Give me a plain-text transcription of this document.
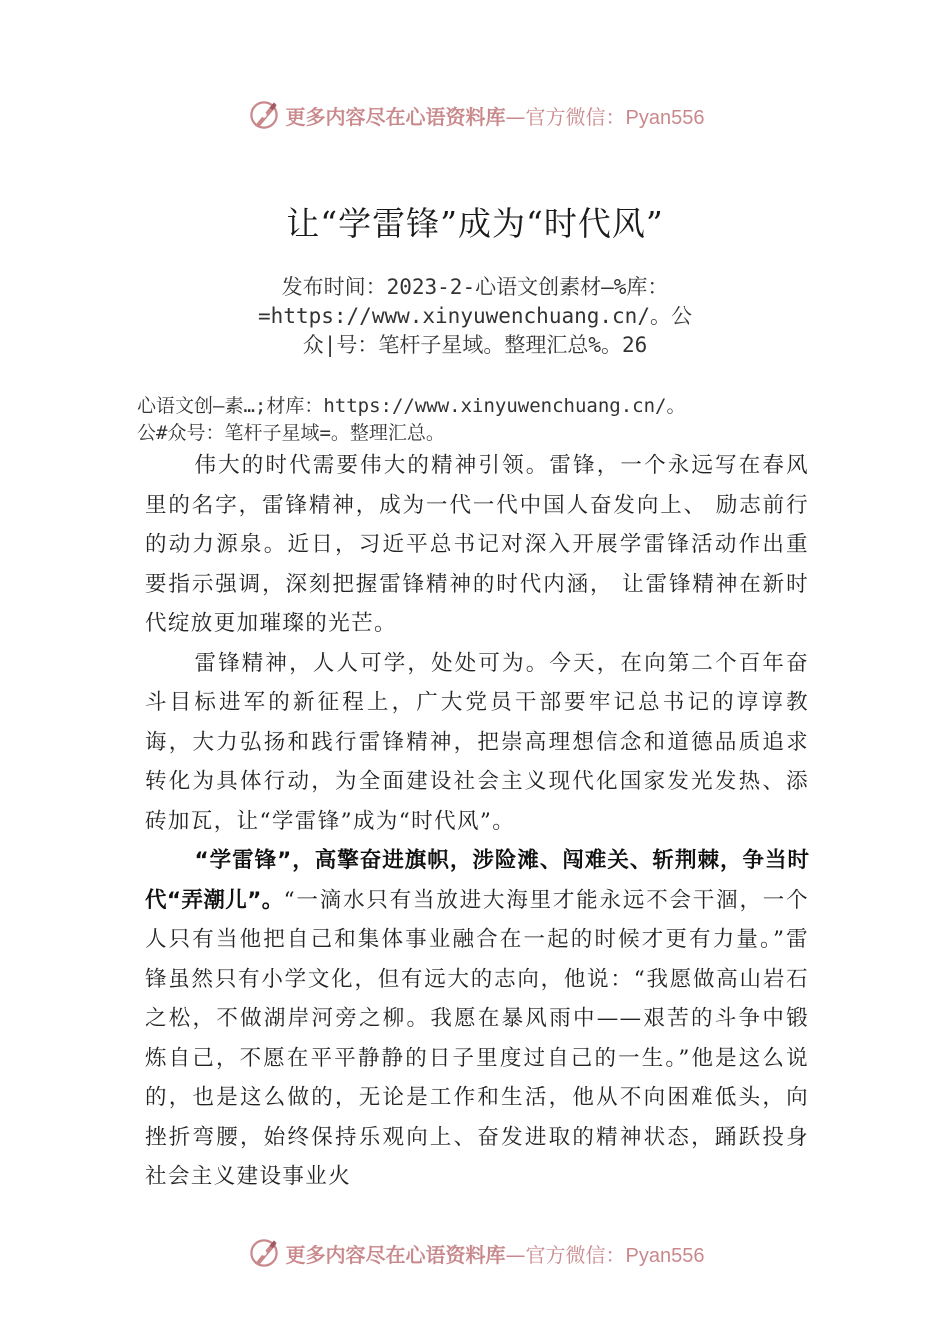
更多内容尽在心语资料库—官方微信：Pyan556
让“学雷锋”成为“时代风”
发布时间：2023-2-心语文创素材—%库：
=https://www.xinyuwenchuang.cn/。公
众|号：笔杆子星域。整理汇总%。26
心语文创—素…;材库：https://www.xinyuwenchuang.cn/。
公#众号：笔杆子星域=。整理汇总。

伟大的时代需要伟大的精神引领。雷锋，一个永远写在春风里的名字，雷锋精神，成为一代一代中国人奋发向上、 励志前行的动力源泉。近日，习近平总书记对深入开展学雷锋活动作出重要指示强调，深刻把握雷锋精神的时代内涵， 让雷锋精神在新时代绽放更加璀璨的光芒。

雷锋精神，人人可学，处处可为。今天，在向第二个百年奋斗目标进军的新征程上，广大党员干部要牢记总书记的谆谆教诲，大力弘扬和践行雷锋精神，把崇高理想信念和道德品质追求转化为具体行动，为全面建设社会主义现代化国家发光发热、添砖加瓦，让“学雷锋”成为“时代风”。

“学雷锋”，高擎奋进旗帜，涉险滩、闯难关、斩荆棘，争当时代“弄潮儿”。“一滴水只有当放进大海里才能永远不会干涸，一个人只有当他把自己和集体事业融合在一起的时候才更有力量。”雷锋虽然只有小学文化，但有远大的志向，他说：“我愿做高山岩石之松，不做湖岸河旁之柳。我愿在暴风雨中——艰苦的斗争中锻炼自己，不愿在平平静静的日子里度过自己的一生。”他是这么说的，也是这么做的，无论是工作和生活，他从不向困难低头，向挫折弯腰，始终保持乐观向上、奋发进取的精神状态，踊跃投身社会主义建设事业火

更多内容尽在心语资料库—官方微信：Pyan556
